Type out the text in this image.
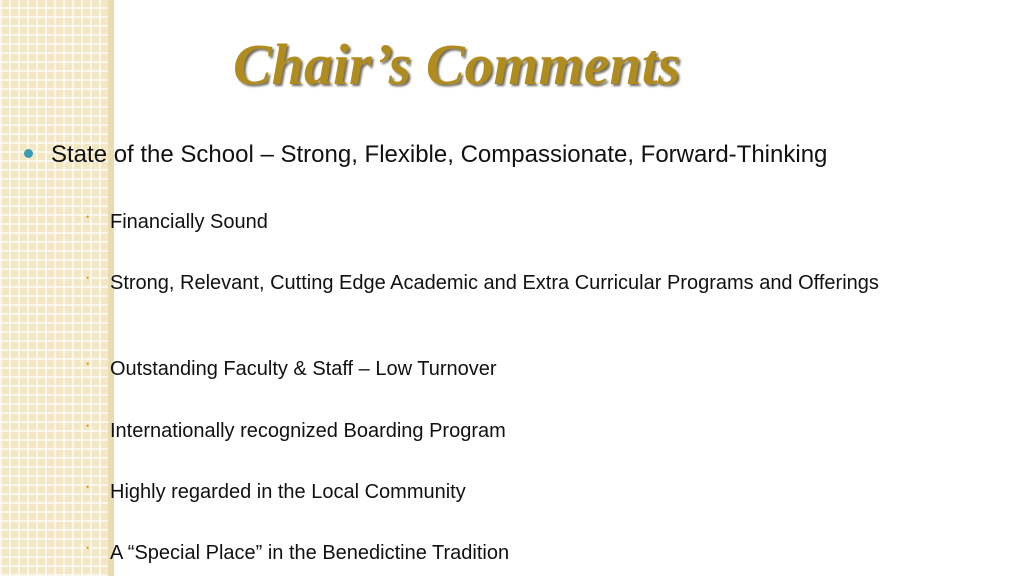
Chair’s Comments
State of the School – Strong, Flexible, Compassionate, Forward-Thinking
• Financially Sound
• Strong, Relevant, Cutting Edge Academic and Extra Curricular Programs and Offerings
• Outstanding Faculty & Staff – Low Turnover
• Internationally recognized Boarding Program
• Highly regarded in the Local Community
• A “Special Place” in the Benedictine Tradition
